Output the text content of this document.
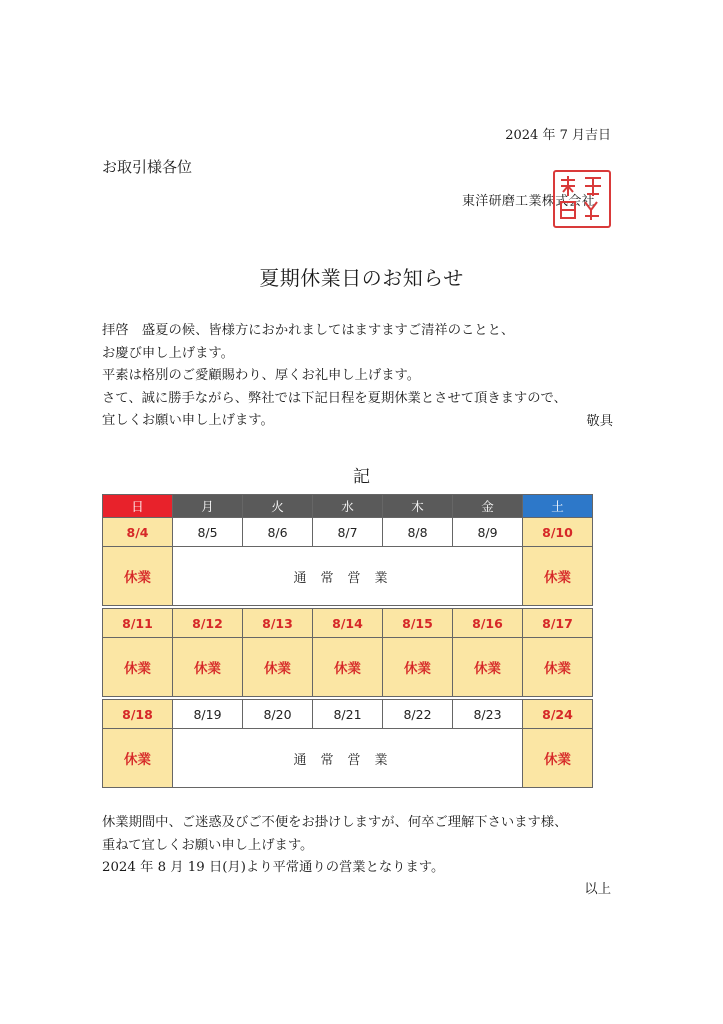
2024 年 7 月吉日
お取引様各位
東洋研磨工業株式会社
夏期休業日のお知らせ
拝啓　盛夏の候、皆様方におかれましてはますますご清祥のことと、
お慶び申し上げます。
平素は格別のご愛顧賜わり、厚くお礼申し上げます。
さて、誠に勝手ながら、弊社では下記日程を夏期休業とさせて頂きますので、
宜しくお願い申し上げます。	敬具
記
日	月	火	水	木	金	土
8/4	8/5	8/6	8/7	8/8	8/9	8/10
休業	通常営業					休業

8/11	8/12	8/13	8/14	8/15	8/16	8/17
休業	休業	休業	休業	休業	休業	休業

8/18	8/19	8/20	8/21	8/22	8/23	8/24
休業	通常営業					休業
休業期間中、ご迷惑及びご不便をお掛けしますが、何卒ご理解下さいます様、
重ねて宜しくお願い申し上げます。
2024 年 8 月 19 日(月)より平常通りの営業となります。
以上
